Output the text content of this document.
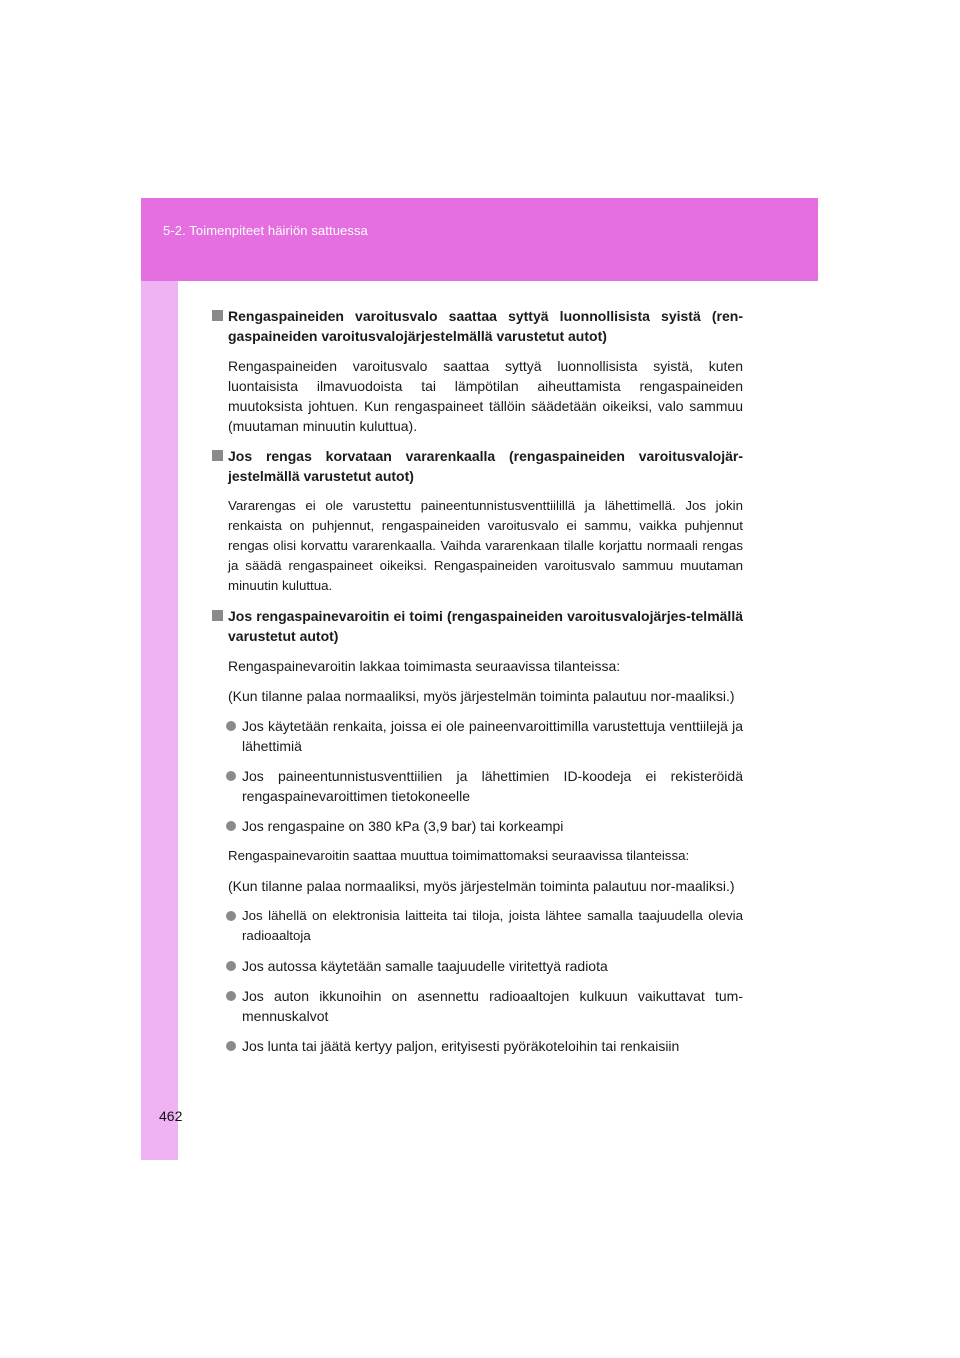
5-2. Toimenpiteet häiriön sattuessa
462
Rengaspaineiden varoitusvalo saattaa syttyä luonnollisista syistä (ren-gaspaineiden varoitusvalojärjestelmällä varustetut autot)
Rengaspaineiden varoitusvalo saattaa syttyä luonnollisista syistä, kuten luontaisista ilmavuodoista tai lämpötilan aiheuttamista rengaspaineiden muutoksista johtuen. Kun rengaspaineet tällöin säädetään oikeiksi, valo sammuu (muutaman minuutin kuluttua).
Jos rengas korvataan vararenkaalla (rengaspaineiden varoitusvalojär-jestelmällä varustetut autot)
Vararengas ei ole varustettu paineentunnistusventtiilillä ja lähettimellä. Jos jokin renkaista on puhjennut, rengaspaineiden varoitusvalo ei sammu, vaikka puhjennut rengas olisi korvattu vararenkaalla. Vaihda vararenkaan tilalle korjattu normaali rengas ja säädä rengaspaineet oikeiksi. Rengaspaineiden varoitusvalo sammuu muutaman minuutin kuluttua.
Jos rengaspainevaroitin ei toimi (rengaspaineiden varoitusvalojärjes-telmällä varustetut autot)
Rengaspainevaroitin lakkaa toimimasta seuraavissa tilanteissa:
(Kun tilanne palaa normaaliksi, myös järjestelmän toiminta palautuu nor-maaliksi.)
Jos käytetään renkaita, joissa ei ole paineenvaroittimilla varustettuja venttiilejä ja lähettimiä
Jos paineentunnistusventtiilien ja lähettimien ID-koodeja ei rekisteröidä rengaspainevaroittimen tietokoneelle
Jos rengaspaine on 380 kPa (3,9 bar) tai korkeampi
Rengaspainevaroitin saattaa muuttua toimimattomaksi seuraavissa tilanteissa:
(Kun tilanne palaa normaaliksi, myös järjestelmän toiminta palautuu nor-maaliksi.)
Jos lähellä on elektronisia laitteita tai tiloja, joista lähtee samalla taajuudella olevia radioaaltoja
Jos autossa käytetään samalle taajuudelle viritettyä radiota
Jos auton ikkunoihin on asennettu radioaaltojen kulkuun vaikuttavat tum-mennuskalvot
Jos lunta tai jäätä kertyy paljon, erityisesti pyöräkoteloihin tai renkaisiin
